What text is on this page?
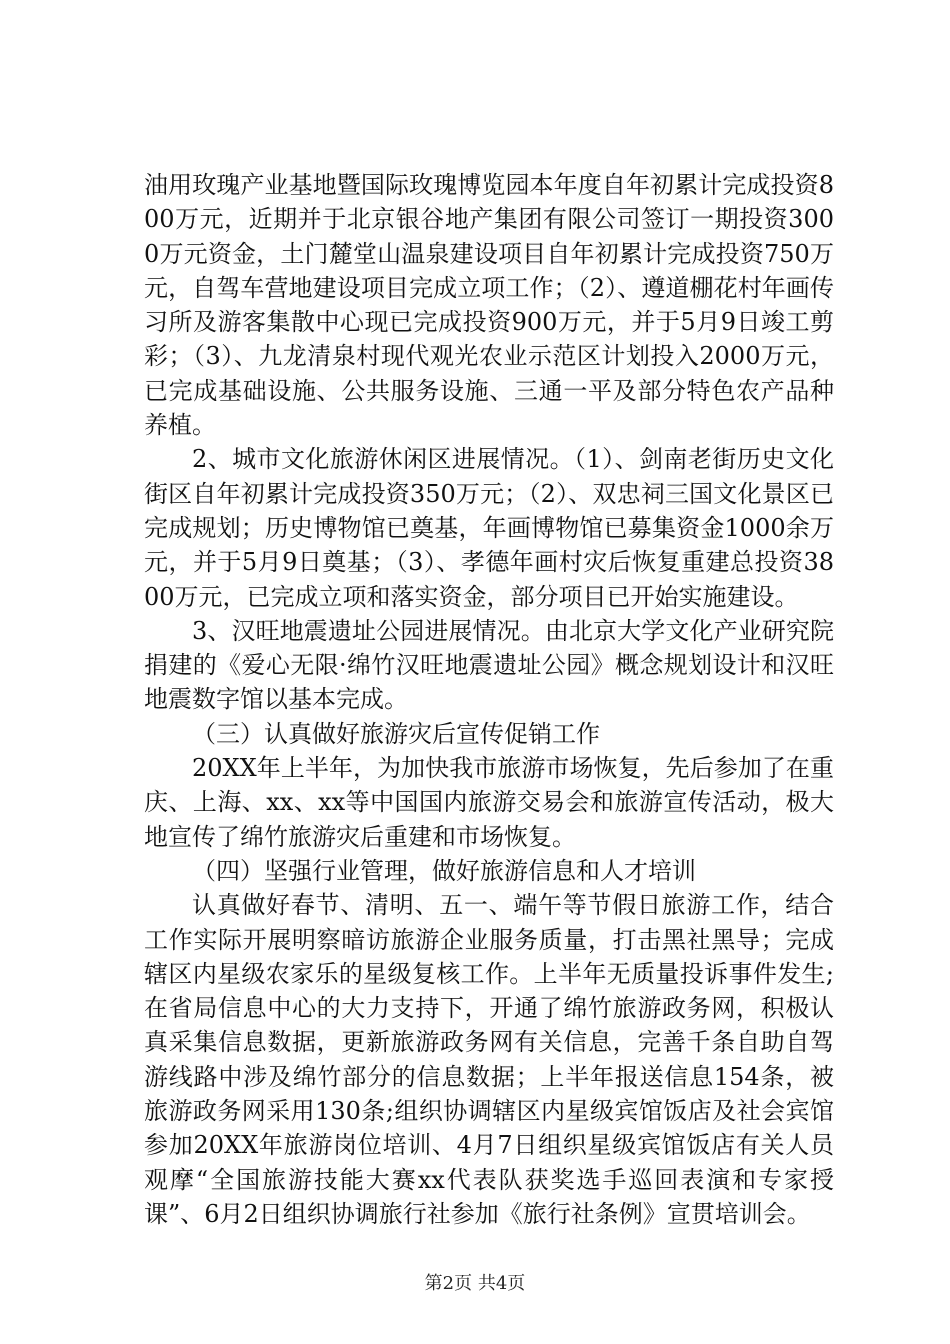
油用玫瑰产业基地暨国际玫瑰博览园本年度自年初累计完成投资800万元，近期并于北京银谷地产集团有限公司签订一期投资3000万元资金，土门麓堂山温泉建设项目自年初累计完成投资750万元，自驾车营地建设项目完成立项工作；（2）、遵道棚花村年画传习所及游客集散中心现已完成投资900万元，并于5月9日竣工剪彩；（3）、九龙清泉村现代观光农业示范区计划投入2000万元，已完成基础设施、公共服务设施、三通一平及部分特色农产品种养植。

2、城市文化旅游休闲区进展情况。（1）、剑南老街历史文化街区自年初累计完成投资350万元；（2）、双忠祠三国文化景区已完成规划；历史博物馆已奠基，年画博物馆已募集资金1000余万元，并于5月9日奠基；（3）、孝德年画村灾后恢复重建总投资3800万元，已完成立项和落实资金，部分项目已开始实施建设。

3、汉旺地震遗址公园进展情况。由北京大学文化产业研究院捐建的《爱心无限·绵竹汉旺地震遗址公园》概念规划设计和汉旺地震数字馆以基本完成。

（三）认真做好旅游灾后宣传促销工作

20XX年上半年，为加快我市旅游市场恢复，先后参加了在重庆、上海、xx、xx等中国国内旅游交易会和旅游宣传活动，极大地宣传了绵竹旅游灾后重建和市场恢复。

（四）坚强行业管理，做好旅游信息和人才培训

认真做好春节、清明、五一、端午等节假日旅游工作，结合工作实际开展明察暗访旅游企业服务质量，打击黑社黑导；完成辖区内星级农家乐的星级复核工作。上半年无质量投诉事件发生;在省局信息中心的大力支持下，开通了绵竹旅游政务网，积极认真采集信息数据，更新旅游政务网有关信息，完善千条自助自驾游线路中涉及绵竹部分的信息数据；上半年报送信息154条，被旅游政务网采用130条;组织协调辖区内星级宾馆饭店及社会宾馆参加20XX年旅游岗位培训、4月7日组织星级宾馆饭店有关人员观摩“全国旅游技能大赛xx代表队获奖选手巡回表演和专家授课”、6月2日组织协调旅行社参加《旅行社条例》宣贯培训会。

第2页 共4页
